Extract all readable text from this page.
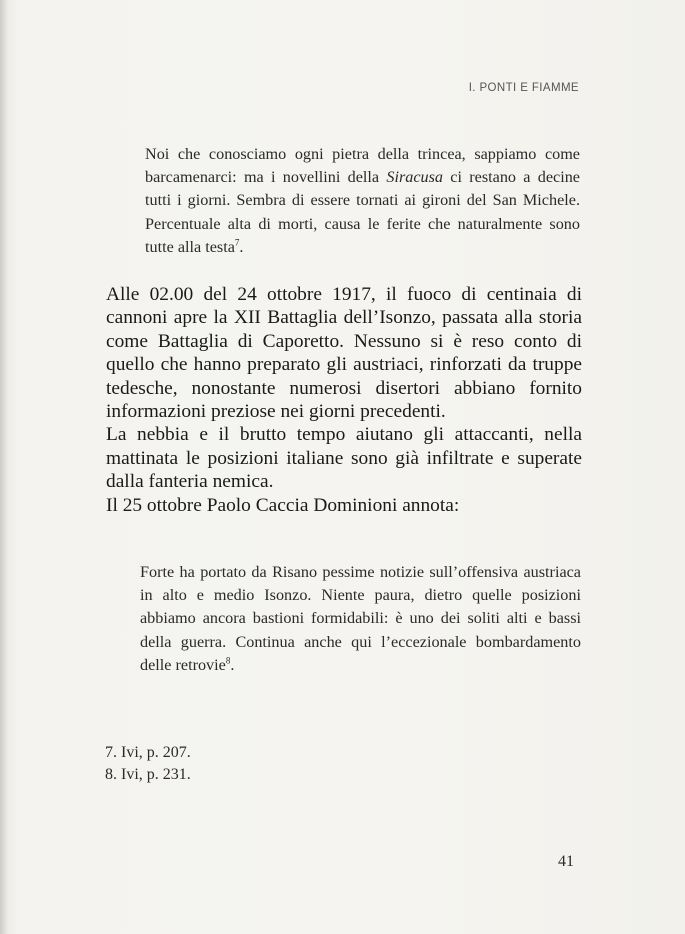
I. PONTI E FIAMME

Noi che conosciamo ogni pietra della trincea, sappiamo come barcamenarci: ma i novellini della Siracusa ci restano a decine tutti i giorni. Sembra di essere tornati ai gironi del San Michele. Percentuale alta di morti, causa le ferite che naturalmente sono tutte alla testa$^7$.

Alle 02.00 del 24 ottobre 1917, il fuoco di centinaia di cannoni apre la XII Battaglia dell’Isonzo, passata alla storia come Battaglia di Caporetto. Nessuno si è reso conto di quello che hanno preparato gli austriaci, rinforzati da truppe tedesche, nonostante numerosi disertori abbiano fornito informazioni preziose nei giorni precedenti.

La nebbia e il brutto tempo aiutano gli attaccanti, nella mattinata le posizioni italiane sono già infiltrate e superate dalla fanteria nemica.

Il 25 ottobre Paolo Caccia Dominioni annota:

Forte ha portato da Risano pessime notizie sull’offensiva austriaca in alto e medio Isonzo. Niente paura, dietro quelle posizioni abbiamo ancora bastioni formidabili: è uno dei soliti alti e bassi della guerra. Continua anche qui l’eccezionale bombardamento delle retrovie$^8$.

7. Ivi, p. 207.
8. Ivi, p. 231.
41
